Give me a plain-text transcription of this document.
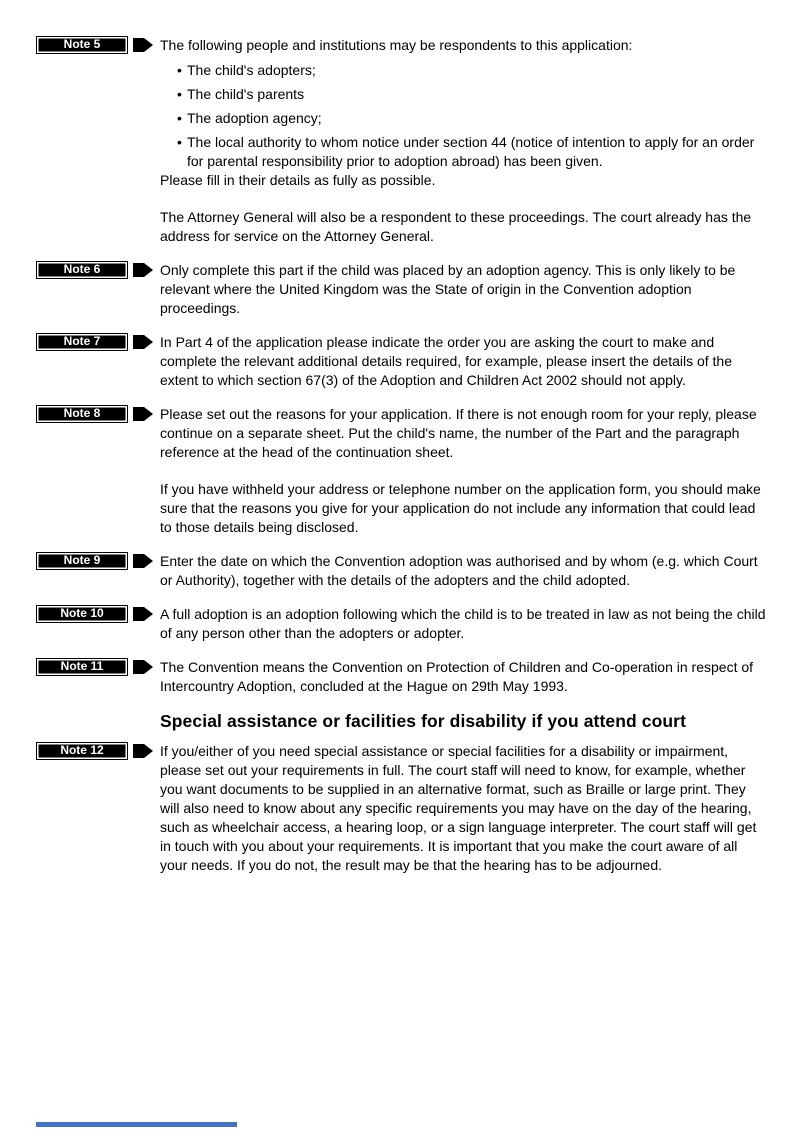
Note 5	The following people and institutions may be respondents to this application:

• The child's adopters;
• The child's parents
• The adoption agency;
• The local authority to whom notice under section 44 (notice of intention to apply for an order for parental responsibility prior to adoption abroad) has been given.

Please fill in their details as fully as possible.

The Attorney General will also be a respondent to these proceedings. The court already has the address for service on the Attorney General.

Note 6	Only complete this part if the child was placed by an adoption agency. This is only likely to be relevant where the United Kingdom was the State of origin in the Convention adoption proceedings.

Note 7	In Part 4 of the application please indicate the order you are asking the court to make and complete the relevant additional details required, for example, please insert the details of the extent to which section 67(3) of the Adoption and Children Act 2002 should not apply.

Note 8	Please set out the reasons for your application. If there is not enough room for your reply, please continue on a separate sheet. Put the child's name, the number of the Part and the paragraph reference at the head of the continuation sheet.

If you have withheld your address or telephone number on the application form, you should make sure that the reasons you give for your application do not include any information that could lead to those details being disclosed.

Note 9	Enter the date on which the Convention adoption was authorised and by whom (e.g. which Court or Authority), together with the details of the adopters and the child adopted.

Note 10	A full adoption is an adoption following which the child is to be treated in law as not being the child of any person other than the adopters or adopter.

Note 11	The Convention means the Convention on Protection of Children and Co-operation in respect of Intercountry Adoption, concluded at the Hague on 29th May 1993.

Special assistance or facilities for disability if you attend court
Note 12	If you/either of you need special assistance or special facilities for a disability or impairment, please set out your requirements in full. The court staff will need to know, for example, whether you want documents to be supplied in an alternative format, such as Braille or large print. They will also need to know about any specific requirements you may have on the day of the hearing, such as wheelchair access, a hearing loop, or a sign language interpreter. The court staff will get in touch with you about your requirements. It is important that you make the court aware of all your needs. If you do not, the result may be that the hearing has to be adjourned.
